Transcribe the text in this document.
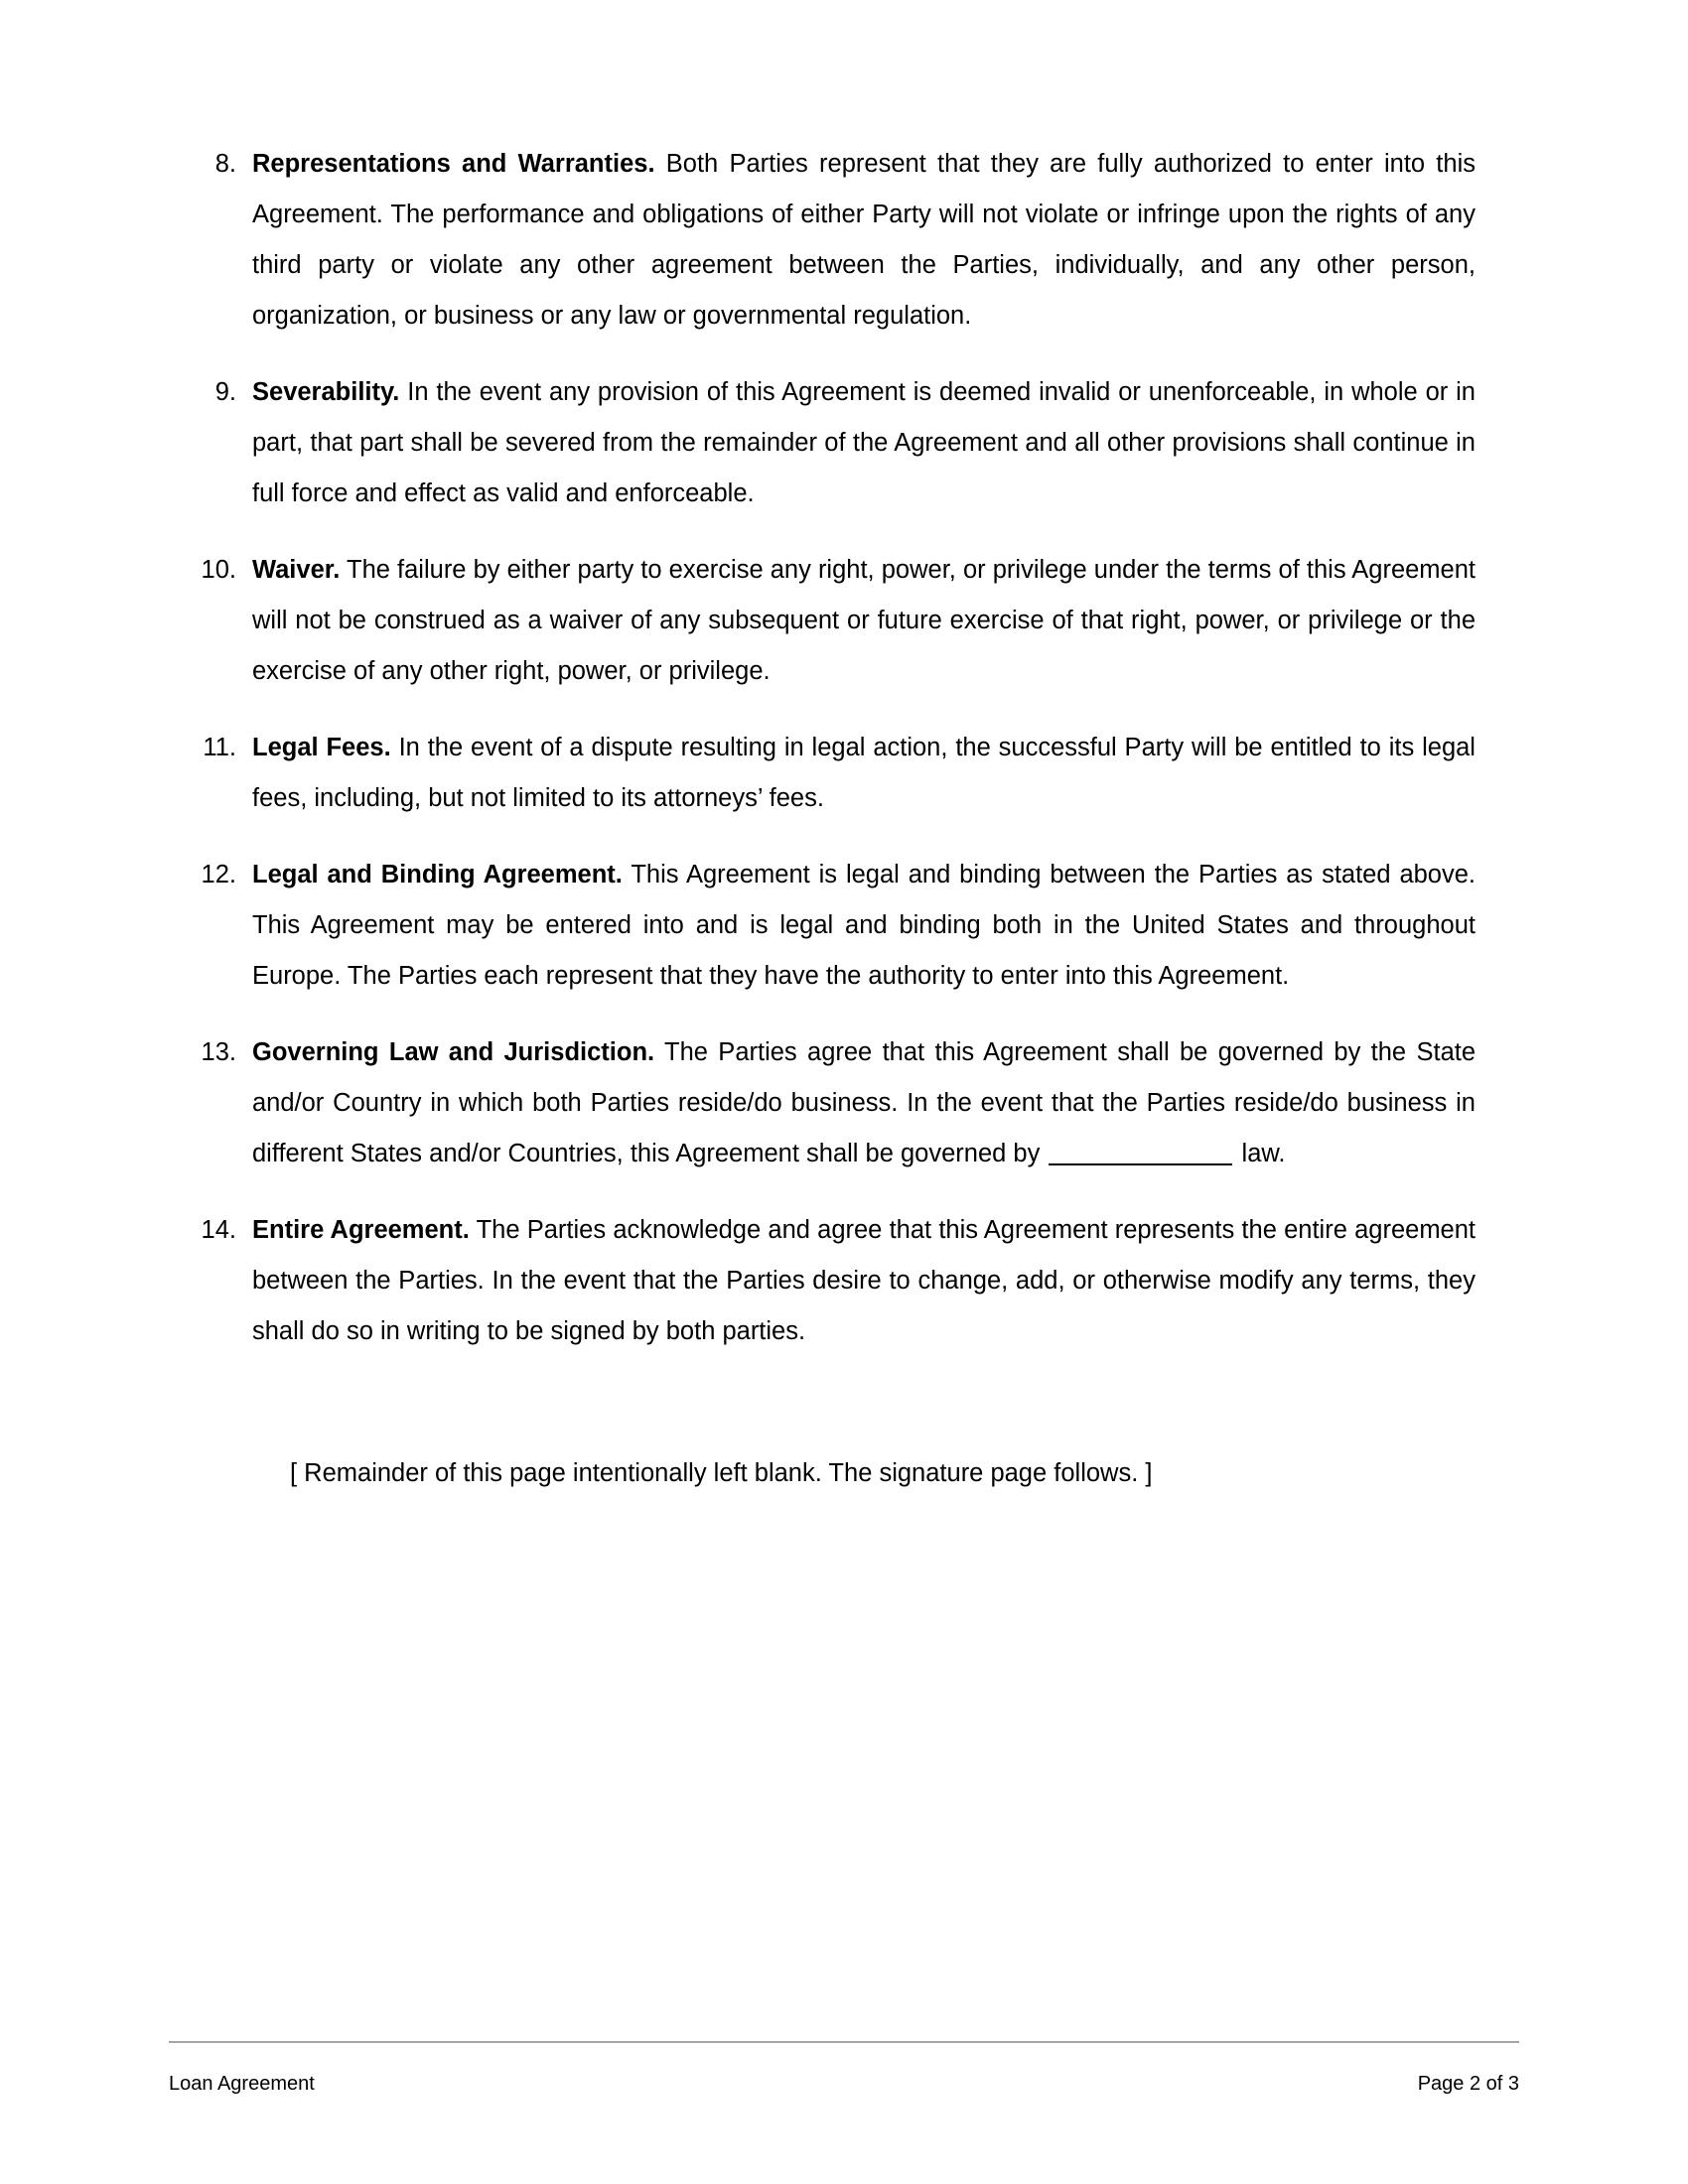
Representations and Warranties. Both Parties represent that they are fully authorized to enter into this Agreement. The performance and obligations of either Party will not violate or infringe upon the rights of any third party or violate any other agreement between the Parties, individually, and any other person, organization, or business or any law or governmental regulation.
Severability. In the event any provision of this Agreement is deemed invalid or unenforceable, in whole or in part, that part shall be severed from the remainder of the Agreement and all other provisions shall continue in full force and effect as valid and enforceable.
Waiver. The failure by either party to exercise any right, power, or privilege under the terms of this Agreement will not be construed as a waiver of any subsequent or future exercise of that right, power, or privilege or the exercise of any other right, power, or privilege.
Legal Fees. In the event of a dispute resulting in legal action, the successful Party will be entitled to its legal fees, including, but not limited to its attorneys’ fees.
Legal and Binding Agreement. This Agreement is legal and binding between the Parties as stated above. This Agreement may be entered into and is legal and binding both in the United States and throughout Europe. The Parties each represent that they have the authority to enter into this Agreement.
Governing Law and Jurisdiction. The Parties agree that this Agreement shall be governed by the State and/or Country in which both Parties reside/do business. In the event that the Parties reside/do business in different States and/or Countries, this Agreement shall be governed by	law.
Entire Agreement. The Parties acknowledge and agree that this Agreement represents the entire agreement between the Parties. In the event that the Parties desire to change, add, or otherwise modify any terms, they shall do so in writing to be signed by both parties.
[ Remainder of this page intentionally left blank. The signature page follows. ]
Loan Agreement	Page 2 of 3
